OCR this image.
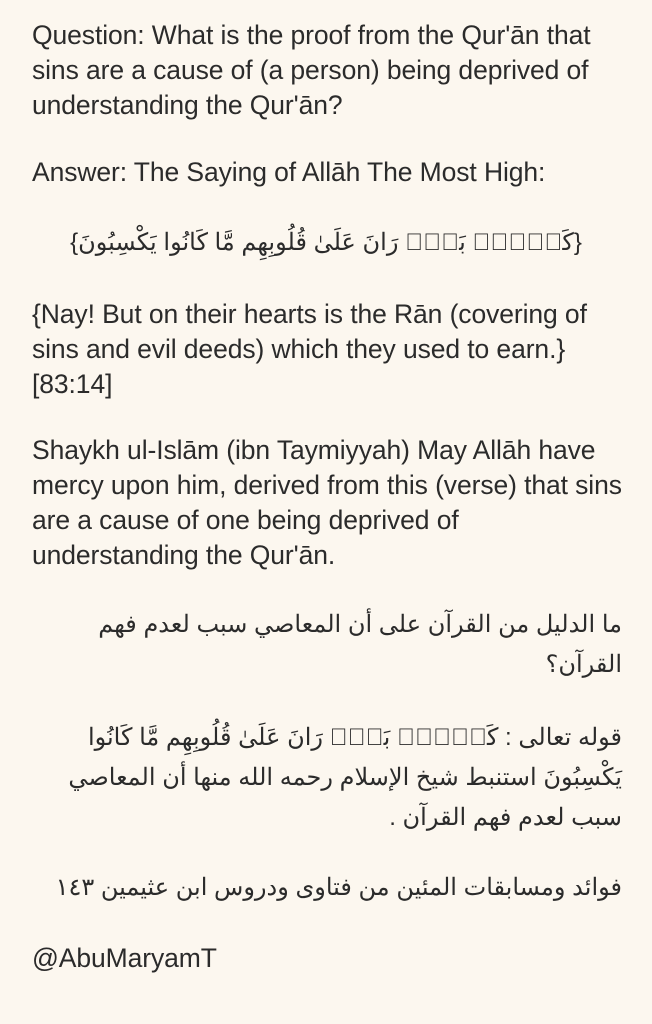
Question: What is the proof from the Qur'ān that sins are a cause of (a person) being deprived of understanding the Qur'ān?

Answer: The Saying of Allāh The Most High:

{كَلَّاۖ بَلْۜ رَانَ عَلَىٰ قُلُوبِهِم مَّا كَانُوا يَكْسِبُونَ}

{Nay! But on their hearts is the Rān (covering of sins and evil deeds) which they used to earn.} [83:14]

Shaykh ul-Islām (ibn Taymiyyah) May Allāh have mercy upon him, derived from this (verse) that sins are a cause of one being deprived of understanding the Qur'ān.

ما الدليل من القرآن على أن المعاصي سبب لعدم فهم القرآن؟

قوله تعالى : كَلَّاۖ بَلْۜ رَانَ عَلَىٰ قُلُوبِهِم مَّا كَانُوا يَكْسِبُونَ استنبط شيخ الإسلام رحمه الله منها أن المعاصي سبب لعدم فهم القرآن .

فوائد ومسابقات المئين من فتاوى ودروس ابن عثيمين ١٤٣

@AbuMaryamT
